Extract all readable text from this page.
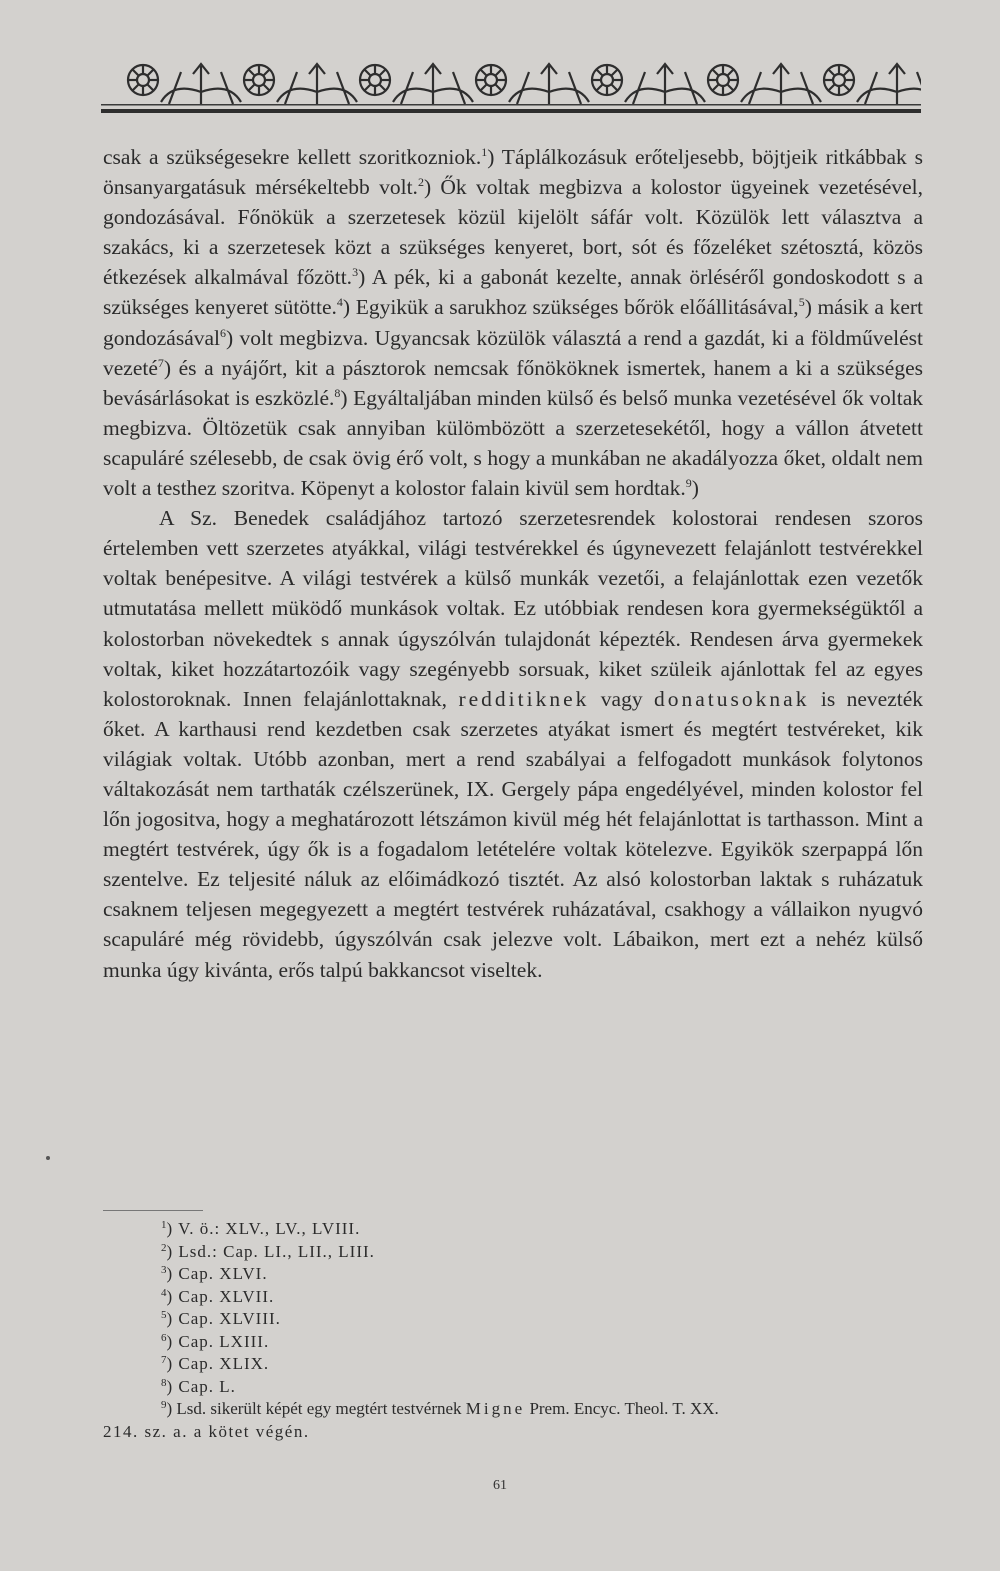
csak a szükségesekre kellett szoritkozniok.$^1$) Táplálkozásuk erőteljesebb, böjtjeik ritkábbak s önsanyargatásuk mérsékeltebb volt.$^2$) Ők voltak megbizva a kolostor ügyeinek vezetésével, gondozásával. Főnökük a szerzetesek közül kijelölt sáfár volt. Közülök lett választva a szakács, ki a szerzetesek közt a szükséges kenyeret, bort, sót és főzeléket szétosztá, közös étkezések alkalmával főzött.$^3$) A pék, ki a gabonát kezelte, annak örléséről gondoskodott s a szükséges kenyeret sütötte.$^4$) Egyikük a sarukhoz szükséges bőrök előállitásával,$^5$) másik a kert gondozásával$^6$) volt megbizva. Ugyancsak közülök választá a rend a gazdát, ki a földművelést vezeté$^7$) és a nyájőrt, kit a pásztorok nemcsak főnököknek ismertek, hanem a ki a szükséges bevásárlásokat is eszközlé.$^8$) Egyáltaljában minden külső és belső munka vezetésével ők voltak megbizva. Öltözetük csak annyiban külömbözött a szerzetesekétől, hogy a vállon átvetett scapuláré szélesebb, de csak övig érő volt, s hogy a munkában ne akadályozza őket, oldalt nem volt a testhez szoritva. Köpenyt a kolostor falain kivül sem hordtak.$^9$)

A Sz. Benedek családjához tartozó szerzetesrendek kolostorai rendesen szoros értelemben vett szerzetes atyákkal, világi testvérekkel és úgynevezett felajánlott testvérekkel voltak benépesitve. A világi testvérek a külső munkák vezetői, a felajánlottak ezen vezetők utmutatása mellett müködő munkások voltak. Ez utóbbiak rendesen kora gyermekségüktől a kolostorban növekedtek s annak úgyszólván tulajdonát képezték. Rendesen árva gyermekek voltak, kiket hozzátartozóik vagy szegényebb sorsuak, kiket szüleik ajánlottak fel az egyes kolostoroknak. Innen felajánlottaknak, redditiknek vagy donatusoknak is nevezték őket. A karthausi rend kezdetben csak szerzetes atyákat ismert és megtért testvéreket, kik világiak voltak. Utóbb azonban, mert a rend szabályai a felfogadott munkások folytonos váltakozását nem tarthaták czélszerünek, IX. Gergely pápa engedélyével, minden kolostor fel lőn jogositva, hogy a meghatározott létszámon kivül még hét felajánlottat is tarthasson. Mint a megtért testvérek, úgy ők is a fogadalom letételére voltak kötelezve. Egyikök szerpappá lőn szentelve. Ez teljesité náluk az előimádkozó tisztét. Az alsó kolostorban laktak s ruházatuk csaknem teljesen megegyezett a megtért testvérek ruházatával, csakhogy a vállaikon nyugvó scapuláré még rövidebb, úgyszólván csak jelezve volt. Lábaikon, mert ezt a nehéz külső munka úgy kivánta, erős talpú bakkancsot viseltek.

$^1$) V. ö.: XLV., LV., LVIII.
$^2$) Lsd.: Cap. LI., LII., LIII.
$^3$) Cap. XLVI.
$^4$) Cap. XLVII.
$^5$) Cap. XLVIII.
$^6$) Cap. LXIII.
$^7$) Cap. XLIX.
$^8$) Cap. L.
$^9$) Lsd. sikerült képét egy megtért testvérnek Migne Prem. Encyc. Theol. T. XX.
214. sz. a. a kötet végén.
61
